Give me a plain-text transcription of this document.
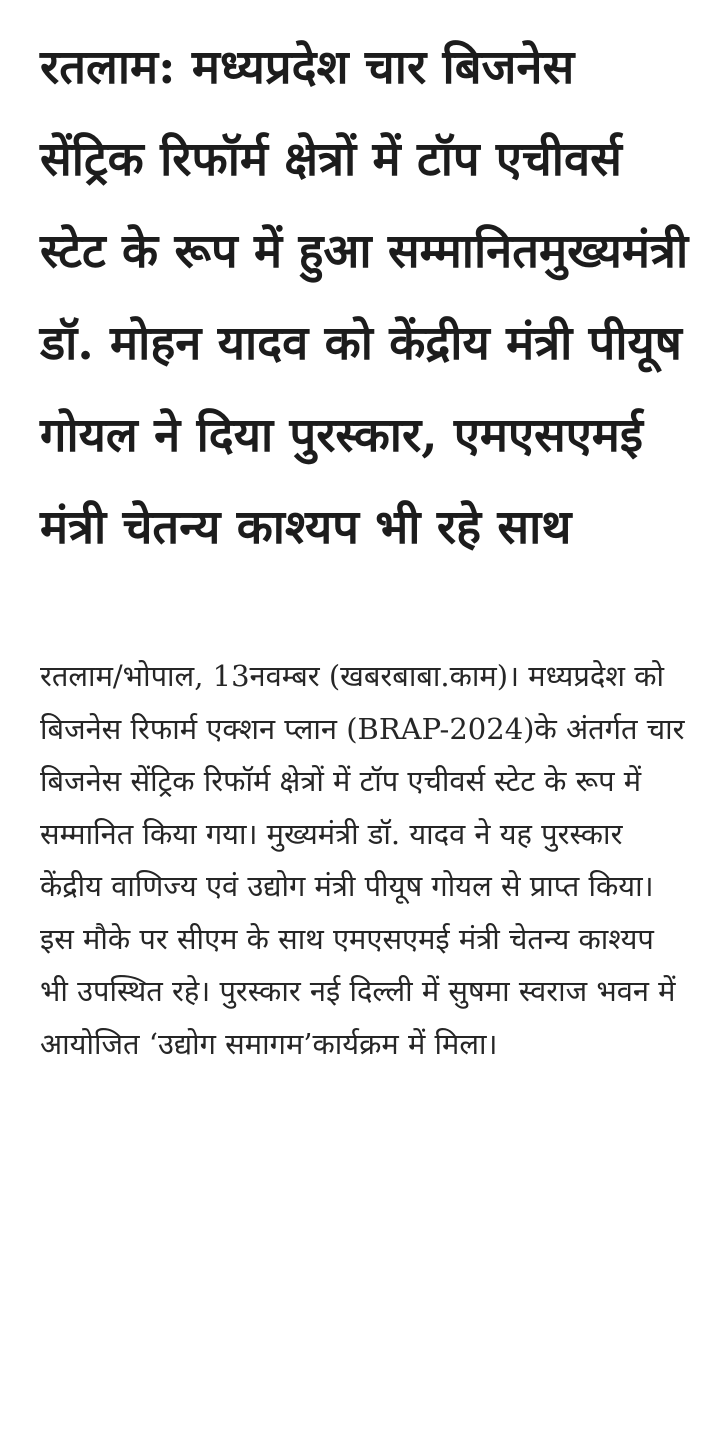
रतलाम: मध्यप्रदेश चार बिजनेस सेंट्रिक रिफॉर्म क्षेत्रों में टॉप एचीवर्स स्टेट के रूप में हुआ सम्मानितमुख्यमंत्री डॉ. मोहन यादव को केंद्रीय मंत्री पीयूष गोयल ने दिया पुरस्कार, एमएसएमई मंत्री चेतन्य काश्यप भी रहे साथ

रतलाम/भोपाल, 13नवम्बर (खबरबाबा.काम)। मध्यप्रदेश को बिजनेस रिफार्म एक्शन प्लान (BRAP-2024)के अंतर्गत चार बिजनेस सेंट्रिक रिफॉर्म क्षेत्रों में टॉप एचीवर्स स्टेट के रूप में सम्मानित किया गया। मुख्यमंत्री डॉ. यादव ने यह पुरस्कार केंद्रीय वाणिज्य एवं उद्योग मंत्री पीयूष गोयल से प्राप्त किया। इस मौके पर सीएम के साथ एमएसएमई मंत्री चेतन्य काश्यप भी उपस्थित रहे। पुरस्कार नई दिल्ली में सुषमा स्वराज भवन में आयोजित ‘उद्योग समागम’कार्यक्रम में मिला।
